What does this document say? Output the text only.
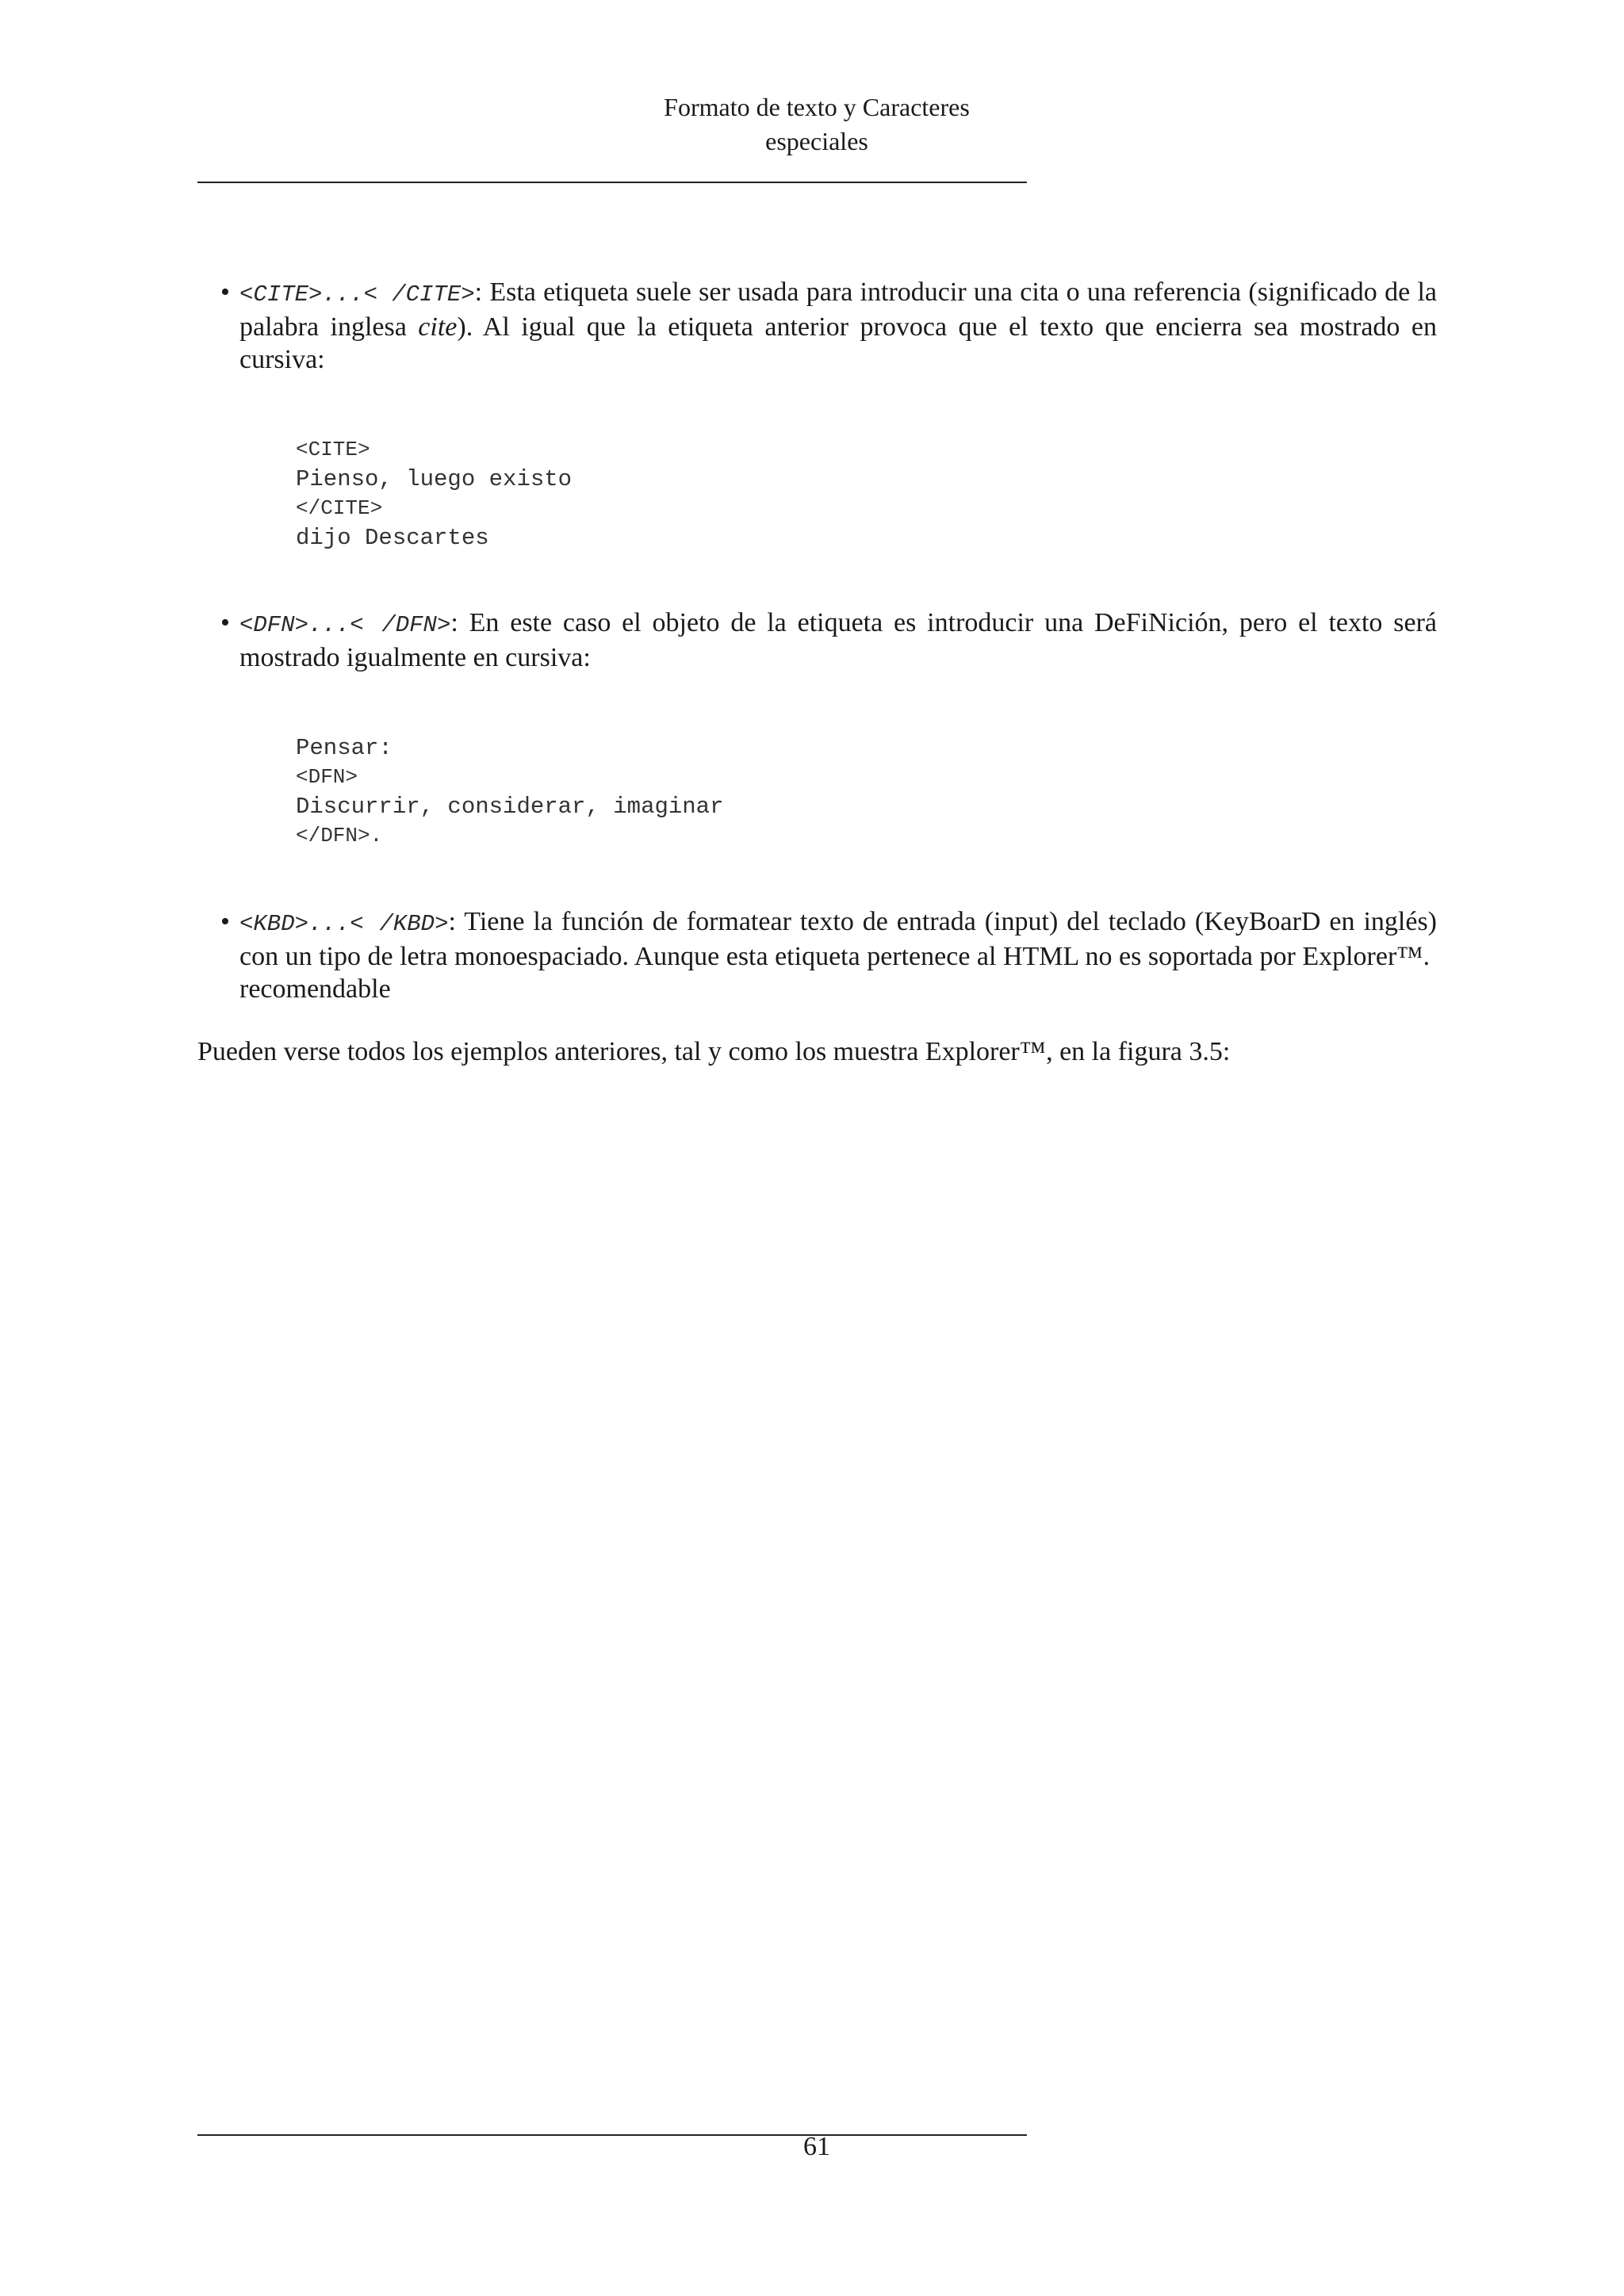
Formato de texto y Caracteres
especiales
• <CITE>...< /CITE>: Esta etiqueta suele ser usada para introducir una cita o una referencia (significado de la palabra inglesa cite). Al igual que la etiqueta anterior provoca que el texto que encierra sea mostrado en cursiva:
<CITE>
Pienso, luego existo
</CITE>
dijo Descartes
• <DFN>...< /DFN>: En este caso el objeto de la etiqueta es introducir una DeFiNición, pero el texto será mostrado igualmente en cursiva:
Pensar:
<DFN>
Discurrir, considerar, imaginar
</DFN>.
• <KBD>...< /KBD>: Tiene la función de formatear texto de entrada (input) del teclado (KeyBoarD en inglés) con un tipo de letra monoespaciado. Aunque esta etiqueta pertenece al HTML no es soportada por Explorer™.
recomendable
Pueden verse todos los ejemplos anteriores, tal y como los muestra Explorer™, en la figura 3.5:
61
